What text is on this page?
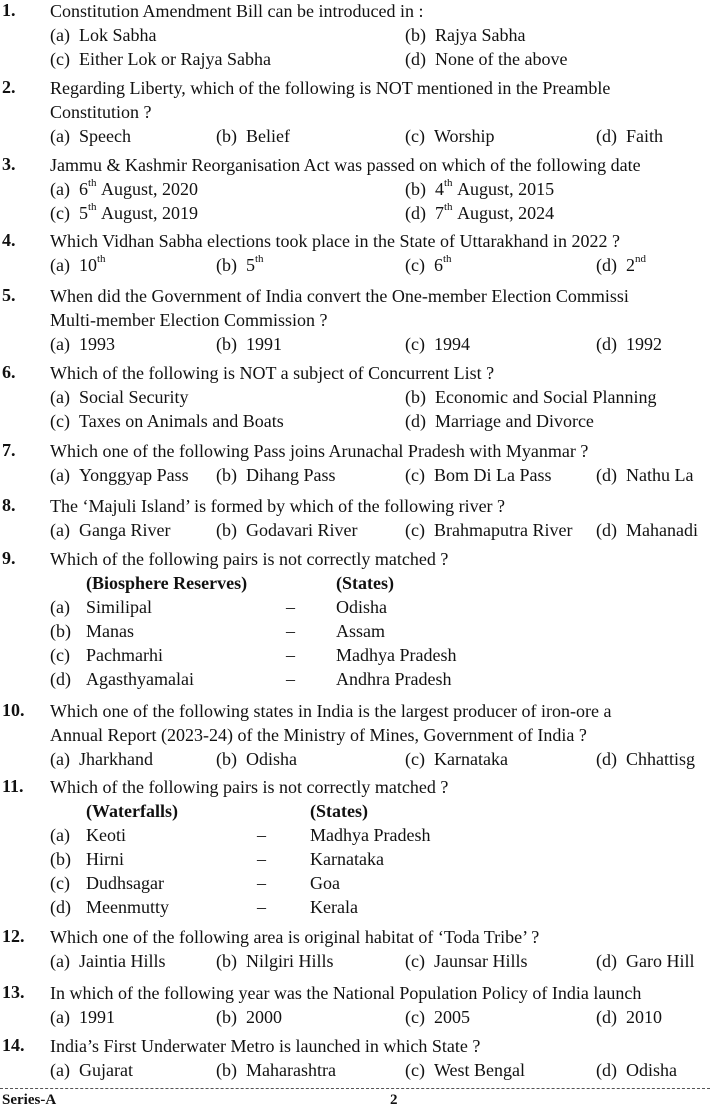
1. Constitution Amendment Bill can be introduced in :
(a) Lok Sabha	(b) Rajya Sabha
(c) Either Lok or Rajya Sabha	(d) None of the above
2. Regarding Liberty, which of the following is NOT mentioned in the Preamble
Constitution ?
(a) Speech	(b) Belief	(c) Worship	(d) Faith
3. Jammu & Kashmir Reorganisation Act was passed on which of the following date
(a) 6th August, 2020	(b) 4th August, 2015
(c) 5th August, 2019	(d) 7th August, 2024
4. Which Vidhan Sabha elections took place in the State of Uttarakhand in 2022 ?
(a) 10th	(b) 5th	(c) 6th	(d) 2nd
5. When did the Government of India convert the One-member Election Commissi
Multi-member Election Commission ?
(a) 1993	(b) 1991	(c) 1994	(d) 1992
6. Which of the following is NOT a subject of Concurrent List ?
(a) Social Security	(b) Economic and Social Planning
(c) Taxes on Animals and Boats	(d) Marriage and Divorce
7. Which one of the following Pass joins Arunachal Pradesh with Myanmar ?
(a) Yonggyap Pass (b) Dihang Pass	(c) Bom Di La Pass (d) Nathu La
8. The ‘Majuli Island’ is formed by which of the following river ?
(a) Ganga River	(b) Godavari River	(c) Brahmaputra River (d) Mahanadi
9. Which of the following pairs is not correctly matched ?
(Biosphere Reserves)	(States)
(a) Similipal	– Odisha
(b) Manas	– Assam
(c) Pachmarhi	– Madhya Pradesh
(d) Agasthyamalai	– Andhra Pradesh
10. Which one of the following states in India is the largest producer of iron-ore a
Annual Report (2023-24) of the Ministry of Mines, Government of India ?
(a) Jharkhand	(b) Odisha	(c) Karnataka	(d) Chhattisg
11. Which of the following pairs is not correctly matched ?
(Waterfalls)	(States)
(a) Keoti	– Madhya Pradesh
(b) Hirni	– Karnataka
(c) Dudhsagar	– Goa
(d) Meenmutty	– Kerala
12. Which one of the following area is original habitat of ‘Toda Tribe’ ?
(a) Jaintia Hills	(b) Nilgiri Hills	(c) Jaunsar Hills	(d) Garo Hill
13. In which of the following year was the National Population Policy of India launch
(a) 1991	(b) 2000	(c) 2005	(d) 2010
14. India’s First Underwater Metro is launched in which State ?
(a) Gujarat	(b) Maharashtra	(c) West Bengal	(d) Odisha
Series-A	2
